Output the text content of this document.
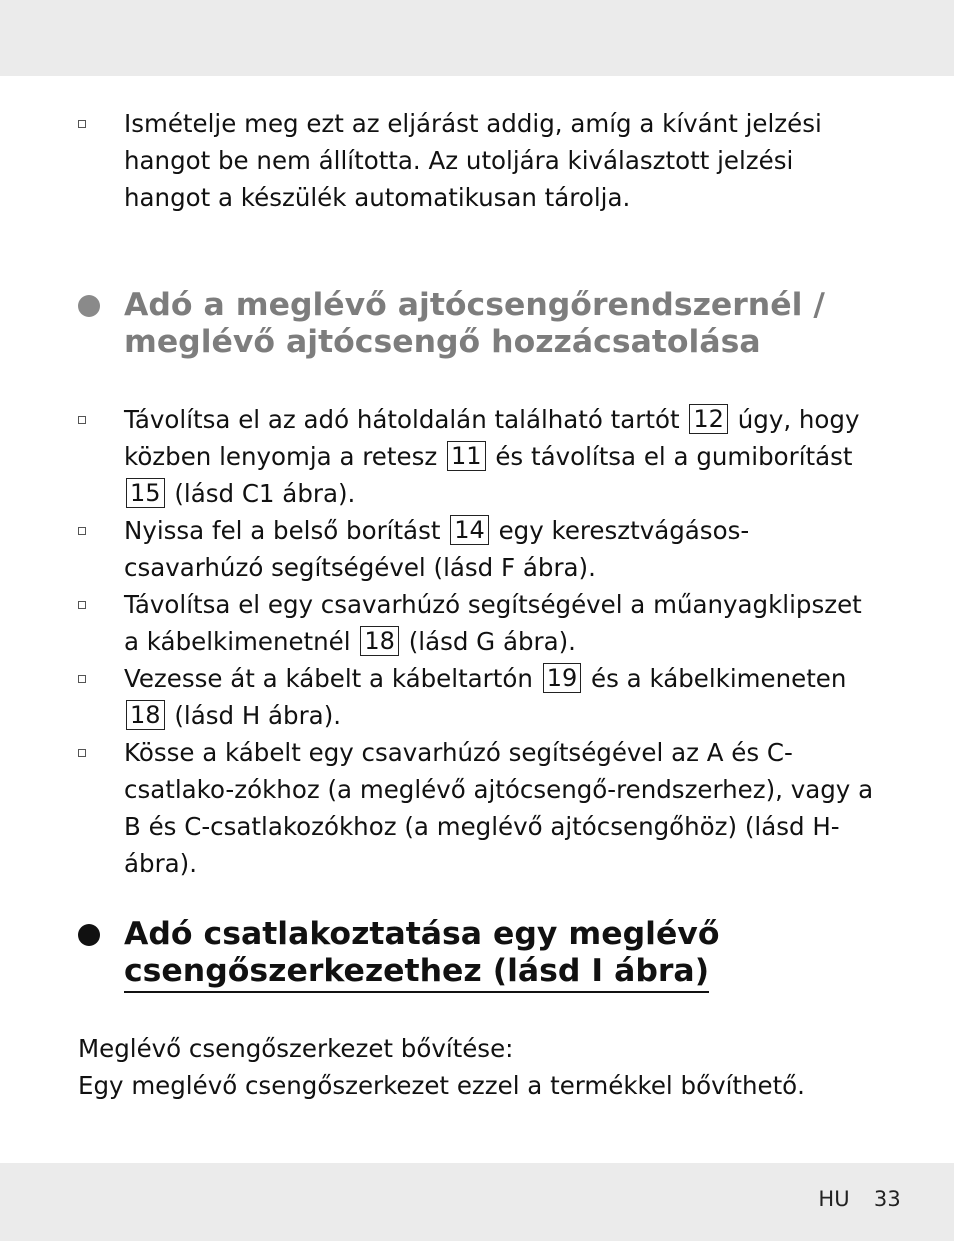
Ismételje meg ezt az eljárást addig, amíg a kívánt jelzési hangot be nem állította. Az utoljára kiválasztott jelzési hangot a készülék automatikusan tárolja.
Adó a meglévő ajtócsengőrendszernél /
meglévő ajtócsengő hozzácsatolása
Távolítsa el az adó hátoldalán található tartót 12 úgy, hogy közben lenyomja a retesz 11 és távolítsa el a gumiborítást 15 (lásd C1 ábra).
Nyissa fel a belső borítást 14 egy keresztvágásos-csavarhúzó segítségével (lásd F ábra).
Távolítsa el egy csavarhúzó segítségével a műanyagklipszet a kábelkimenetnél 18 (lásd G ábra).
Vezesse át a kábelt a kábeltartón 19 és a kábelkimeneten 18 (lásd H ábra).
Kösse a kábelt egy csavarhúzó segítségével az A és C-csatlako-zókhoz (a meglévő ajtócsengő-rendszerhez), vagy a B és C-csatlakozókhoz (a meglévő ajtócsengőhöz) (lásd H-ábra).
Adó csatlakoztatása egy meglévő
csengőszerkezethez (lásd I ábra)
Meglévő csengőszerkezet bővítése:
Egy meglévő csengőszerkezet ezzel a termékkel bővíthető.
HU 33
